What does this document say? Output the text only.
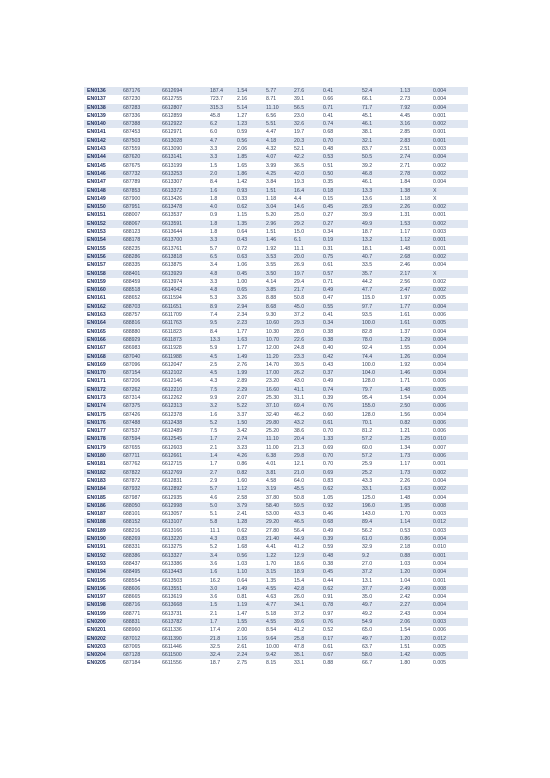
EN0136	687176	6612694	187.4	1.54	5.77	27.6	0.41	52.4	1.13	0.004
EN0137	687230	6612755	723.7	2.16	8.71	39.1	0.66	66.1	2.73	0.004
EN0138	687283	6612807	315.3	5.14	11.10	56.5	0.71	71.7	7.92	0.004
EN0139	687336	6612859	45.8	1.27	6.56	23.0	0.41	45.1	4.45	0.001
EN0140	687388	6612922	6.2	1.23	5.51	32.6	0.74	46.1	3.16	0.002
EN0141	687453	6612971	6.0	0.59	4.47	19.7	0.68	38.1	2.85	0.001
EN0142	687503	6613028	4.7	0.56	4.18	20.3	0.70	32.1	2.83	0.001
EN0143	687559	6613090	3.3	2.06	4.32	52.1	0.48	83.7	2.51	0.003
EN0144	687620	6613141	3.3	1.85	4.07	42.2	0.53	50.5	2.74	0.004
EN0145	687675	6613199	1.5	1.65	3.99	36.5	0.51	39.2	2.71	0.002
EN0146	687732	6613253	2.0	1.86	4.25	42.0	0.50	46.8	2.78	0.002
EN0147	687789	6613307	8.4	1.42	3.84	19.3	0.35	46.1	1.84	0.004
EN0148	687853	6613372	1.6	0.93	1.51	16.4	0.18	13.3	1.38	X
EN0149	687900	6613426	1.8	0.33	1.18	4.4	0.15	13.6	1.18	X
EN0150	687951	6613478	4.0	0.62	3.04	14.6	0.45	28.9	2.26	0.002
EN0151	688007	6613537	0.9	1.15	5.20	25.0	0.27	39.9	1.31	0.001
EN0152	688067	6613591	1.8	1.35	2.96	29.2	0.27	49.9	1.53	0.002
EN0153	688123	6613644	1.8	0.64	1.51	15.0	0.34	18.7	1.17	0.003
EN0154	688178	6613700	3.3	0.43	1.46	6.1	0.19	13.2	1.12	0.001
EN0155	688235	6613761	5.7	0.72	1.92	11.1	0.31	18.1	1.48	0.001
EN0156	688286	6613818	6.5	0.63	3.53	20.0	0.75	40.7	2.68	0.002
EN0157	688335	6613875	3.4	1.06	3.55	26.9	0.61	33.5	2.46	0.004
EN0158	688401	6613929	4.8	0.45	3.50	19.7	0.57	35.7	2.17	X
EN0159	688459	6613974	3.3	1.00	4.14	29.4	0.71	44.2	2.56	0.002
EN0160	688518	6614042	4.8	0.65	3.85	21.7	0.49	47.7	2.47	0.002
EN0161	688652	6611594	5.3	3.26	8.88	50.8	0.47	115.0	1.97	0.005
EN0162	688703	6611651	8.9	2.94	8.68	45.0	0.55	97.7	1.77	0.004
EN0163	688757	6611709	7.4	2.34	9.30	37.2	0.41	93.5	1.61	0.006
EN0164	688816	6611763	9.5	2.23	10.60	29.3	0.34	100.0	1.61	0.005
EN0165	688880	6611823	8.4	1.77	10.30	28.0	0.38	82.8	1.37	0.004
EN0166	688929	6611873	13.3	1.63	10.70	22.6	0.38	78.0	1.29	0.004
EN0167	686983	6611928	5.9	1.77	12.00	24.8	0.40	92.4	1.55	0.004
EN0168	687040	6611988	4.5	1.49	11.20	23.3	0.42	74.4	1.26	0.004
EN0169	687096	6612047	2.5	2.76	14.70	39.5	0.43	100.0	1.92	0.004
EN0170	687154	6612102	4.5	1.99	17.00	26.2	0.37	104.0	1.46	0.004
EN0171	687206	6612146	4.3	2.89	23.20	43.0	0.49	128.0	1.71	0.006
EN0172	687262	6612210	7.5	2.29	16.60	41.1	0.74	79.7	1.48	0.005
EN0173	687314	6612262	9.9	2.07	25.30	31.1	0.39	95.4	1.54	0.004
EN0174	687375	6612313	3.2	5.22	37.10	69.4	0.76	155.0	2.50	0.006
EN0175	687426	6612378	1.6	3.37	32.40	46.2	0.60	128.0	1.56	0.004
EN0176	687488	6612438	5.2	1.50	29.80	43.2	0.61	70.1	0.82	0.006
EN0177	687537	6612489	7.5	3.42	25.20	38.6	0.70	81.2	1.21	0.006
EN0178	687594	6612545	1.7	2.74	11.10	20.4	1.33	57.2	1.25	0.010
EN0179	687655	6612603	2.1	3.23	11.00	21.3	0.69	60.0	1.34	0.007
EN0180	687711	6612661	1.4	4.26	6.38	29.8	0.70	57.2	1.73	0.006
EN0181	687762	6612715	1.7	0.86	4.01	12.1	0.70	25.9	1.17	0.001
EN0182	687822	6612769	2.7	0.82	3.81	21.0	0.69	25.2	1.73	0.002
EN0183	687872	6612831	2.9	1.60	4.58	64.0	0.83	43.3	2.26	0.004
EN0184	687932	6612892	5.7	1.12	3.19	45.5	0.62	33.1	1.63	0.002
EN0185	687987	6612935	4.6	2.58	37.80	50.8	1.05	125.0	1.48	0.004
EN0186	688050	6612998	5.0	3.79	58.40	59.5	0.92	196.0	1.95	0.008
EN0187	688101	6613057	5.1	2.41	53.00	43.3	0.46	143.0	1.70	0.003
EN0188	688152	6613107	5.8	1.28	29.20	46.5	0.68	89.4	1.14	0.012
EN0189	688216	6613166	11.1	0.62	27.80	56.4	0.49	56.2	0.53	0.003
EN0190	688269	6613220	4.3	0.83	21.40	44.9	0.39	61.0	0.86	0.004
EN0191	688331	6613275	5.2	1.68	4.41	41.2	0.59	32.9	2.18	0.010
EN0192	688386	6613327	3.4	0.56	1.22	12.9	0.48	9.2	0.88	0.001
EN0193	688437	6613386	3.6	1.03	1.70	18.6	0.38	27.0	1.03	0.004
EN0194	688495	6613443	1.6	1.10	3.15	18.9	0.45	37.2	1.20	0.004
EN0195	688554	6613503	16.2	0.64	1.35	15.4	0.44	13.1	1.04	0.001
EN0196	688606	6613551	3.0	1.49	4.55	42.8	0.62	37.7	2.49	0.008
EN0197	688665	6613619	3.6	0.81	4.63	26.0	0.91	35.0	2.42	0.004
EN0198	688716	6613668	1.5	1.19	4.77	34.1	0.78	49.7	2.27	0.004
EN0199	688771	6613731	2.1	1.47	5.18	37.2	0.97	49.2	2.43	0.004
EN0200	688831	6613782	1.7	1.55	4.55	39.6	0.76	54.9	2.06	0.003
EN0201	688960	6611336	17.4	2.00	8.54	41.2	0.52	65.0	1.54	0.006
EN0202	687012	6611390	21.8	1.16	9.64	25.8	0.17	49.7	1.20	0.012
EN0203	687065	6611446	32.5	2.61	10.00	47.8	0.61	63.7	1.51	0.005
EN0204	687128	6611500	32.4	2.24	9.42	35.1	0.67	58.0	1.42	0.005
EN0205	687184	6611556	18.7	2.75	8.15	33.1	0.88	66.7	1.80	0.005
